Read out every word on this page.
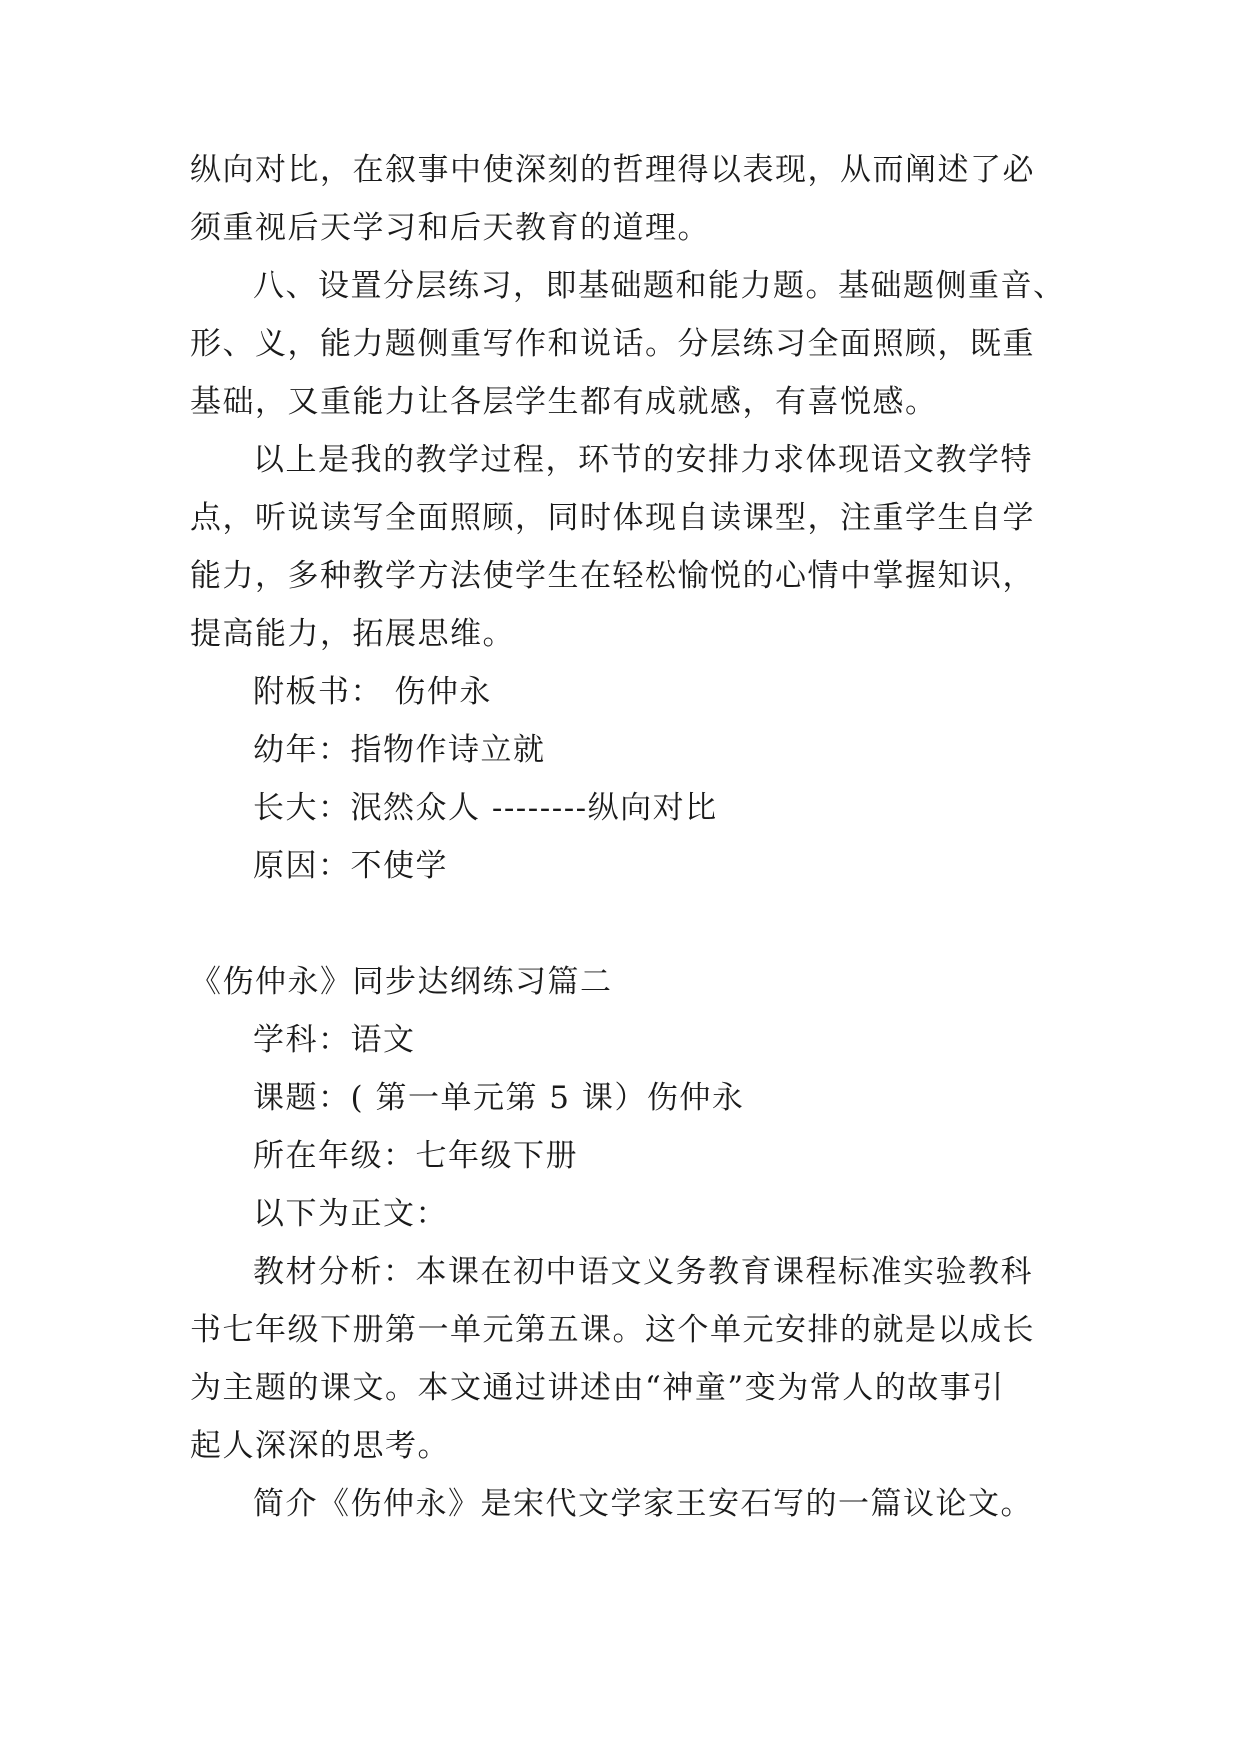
纵向对比，在叙事中使深刻的哲理得以表现，从而阐述了必
须重视后天学习和后天教育的道理。
八、设置分层练习，即基础题和能力题。基础题侧重音、
形、义，能力题侧重写作和说话。分层练习全面照顾，既重
基础，又重能力让各层学生都有成就感，有喜悦感。
以上是我的教学过程，环节的安排力求体现语文教学特
点，听说读写全面照顾，同时体现自读课型，注重学生自学
能力，多种教学方法使学生在轻松愉悦的心情中掌握知识，
提高能力，拓展思维。
附板书： 伤仲永
幼年：指物作诗立就
长大：泯然众人 --------纵向对比
原因：不使学
《伤仲永》同步达纲练习篇二
学科：语文
课题：( 第一单元第 5 课）伤仲永
所在年级：七年级下册
以下为正文：
教材分析：本课在初中语文义务教育课程标准实验教科
书七年级下册第一单元第五课。这个单元安排的就是以成长
为主题的课文。本文通过讲述由“神童”变为常人的故事引
起人深深的思考。
简介《伤仲永》是宋代文学家王安石写的一篇议论文。
